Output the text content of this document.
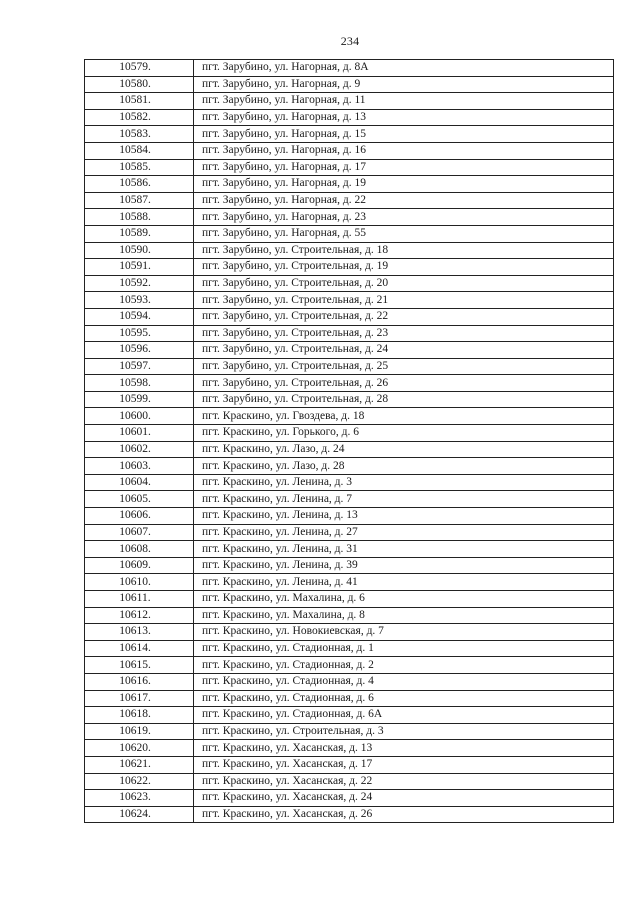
234
10579.	пгт. Зарубино, ул. Нагорная, д. 8А
10580.	пгт. Зарубино, ул. Нагорная, д. 9
10581.	пгт. Зарубино, ул. Нагорная, д. 11
10582.	пгт. Зарубино, ул. Нагорная, д. 13
10583.	пгт. Зарубино, ул. Нагорная, д. 15
10584.	пгт. Зарубино, ул. Нагорная, д. 16
10585.	пгт. Зарубино, ул. Нагорная, д. 17
10586.	пгт. Зарубино, ул. Нагорная, д. 19
10587.	пгт. Зарубино, ул. Нагорная, д. 22
10588.	пгт. Зарубино, ул. Нагорная, д. 23
10589.	пгт. Зарубино, ул. Нагорная, д. 55
10590.	пгт. Зарубино, ул. Строительная, д. 18
10591.	пгт. Зарубино, ул. Строительная, д. 19
10592.	пгт. Зарубино, ул. Строительная, д. 20
10593.	пгт. Зарубино, ул. Строительная, д. 21
10594.	пгт. Зарубино, ул. Строительная, д. 22
10595.	пгт. Зарубино, ул. Строительная, д. 23
10596.	пгт. Зарубино, ул. Строительная, д. 24
10597.	пгт. Зарубино, ул. Строительная, д. 25
10598.	пгт. Зарубино, ул. Строительная, д. 26
10599.	пгт. Зарубино, ул. Строительная, д. 28
10600.	пгт. Краскино, ул. Гвоздева, д. 18
10601.	пгт. Краскино, ул. Горького, д. 6
10602.	пгт. Краскино, ул. Лазо, д. 24
10603.	пгт. Краскино, ул. Лазо, д. 28
10604.	пгт. Краскино, ул. Ленина, д. 3
10605.	пгт. Краскино, ул. Ленина, д. 7
10606.	пгт. Краскино, ул. Ленина, д. 13
10607.	пгт. Краскино, ул. Ленина, д. 27
10608.	пгт. Краскино, ул. Ленина, д. 31
10609.	пгт. Краскино, ул. Ленина, д. 39
10610.	пгт. Краскино, ул. Ленина, д. 41
10611.	пгт. Краскино, ул. Махалина, д. 6
10612.	пгт. Краскино, ул. Махалина, д. 8
10613.	пгт. Краскино, ул. Новокиевская, д. 7
10614.	пгт. Краскино, ул. Стадионная, д. 1
10615.	пгт. Краскино, ул. Стадионная, д. 2
10616.	пгт. Краскино, ул. Стадионная, д. 4
10617.	пгт. Краскино, ул. Стадионная, д. 6
10618.	пгт. Краскино, ул. Стадионная, д. 6А
10619.	пгт. Краскино, ул. Строительная, д. 3
10620.	пгт. Краскино, ул. Хасанская, д. 13
10621.	пгт. Краскино, ул. Хасанская, д. 17
10622.	пгт. Краскино, ул. Хасанская, д. 22
10623.	пгт. Краскино, ул. Хасанская, д. 24
10624.	пгт. Краскино, ул. Хасанская, д. 26
